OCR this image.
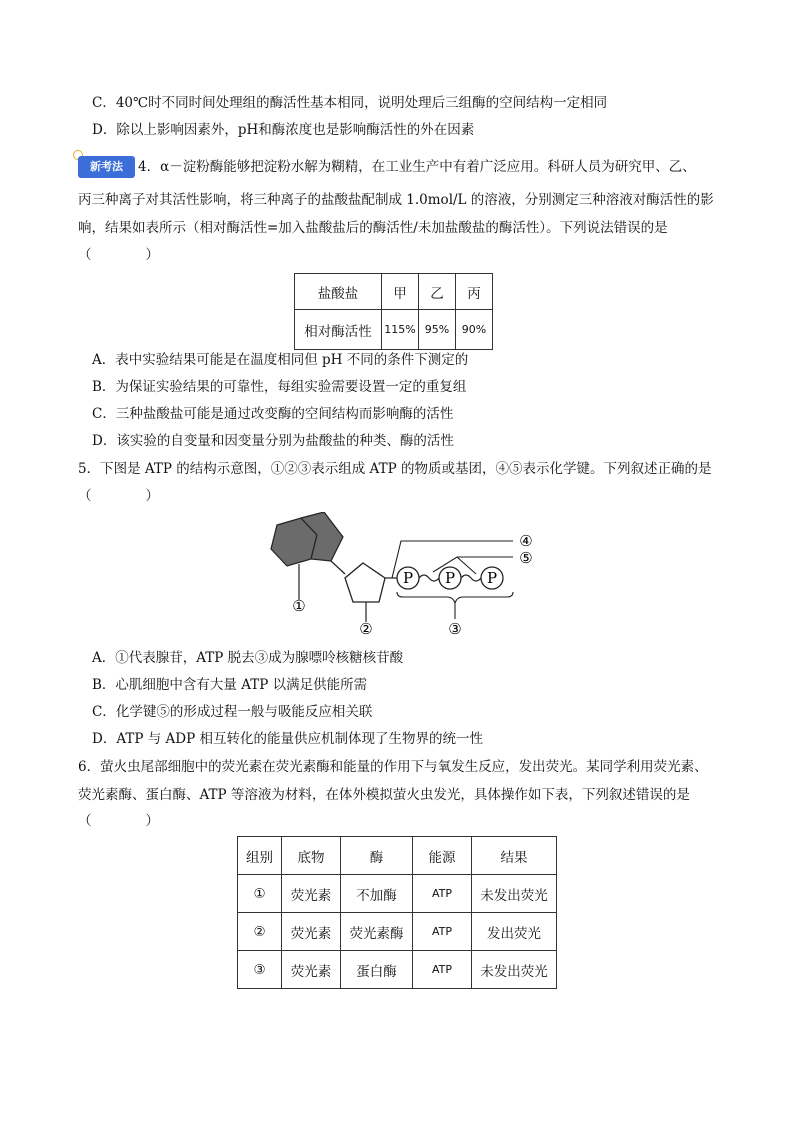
C．40℃时不同时间处理组的酶活性基本相同，说明处理后三组酶的空间结构一定相同
D．除以上影响因素外，pH和酶浓度也是影响酶活性的外在因素
新考法	4．α－淀粉酶能够把淀粉水解为糊精，在工业生产中有着广泛应用。科研人员为研究甲、乙、
丙三种离子对其活性影响，将三种离子的盐酸盐配制成 1.0mol/L 的溶液，分别测定三种溶液对酶活性的影
响，结果如表所示（相对酶活性=加入盐酸盐后的酶活性/未加盐酸盐的酶活性）。下列说法错误的是
（　　　　）
盐酸盐	甲	乙	丙
相对酶活性	115%	95%	90%
A．表中实验结果可能是在温度相同但 pH 不同的条件下测定的
B．为保证实验结果的可靠性，每组实验需要设置一定的重复组
C．三种盐酸盐可能是通过改变酶的空间结构而影响酶的活性
D．该实验的自变量和因变量分别为盐酸盐的种类、酶的活性
5．下图是 ATP 的结构示意图，①②③表示组成 ATP 的物质或基团，④⑤表示化学键。下列叙述正确的是
（　　　　）
P P P
①
②	③
④
⑤
A．①代表腺苷，ATP 脱去③成为腺嘌呤核糖核苷酸
B．心肌细胞中含有大量 ATP 以满足供能所需
C．化学键⑤的形成过程一般与吸能反应相关联
D．ATP 与 ADP 相互转化的能量供应机制体现了生物界的统一性
6．萤火虫尾部细胞中的荧光素在荧光素酶和能量的作用下与氧发生反应，发出荧光。某同学利用荧光素、
荧光素酶、蛋白酶、ATP 等溶液为材料，在体外模拟萤火虫发光，具体操作如下表，下列叙述错误的是
（　　　　）
组别	底物	酶	能源	结果
①	荧光素	不加酶	ATP	未发出荧光
②	荧光素	荧光素酶	ATP	发出荧光
③	荧光素	蛋白酶	ATP	未发出荧光
